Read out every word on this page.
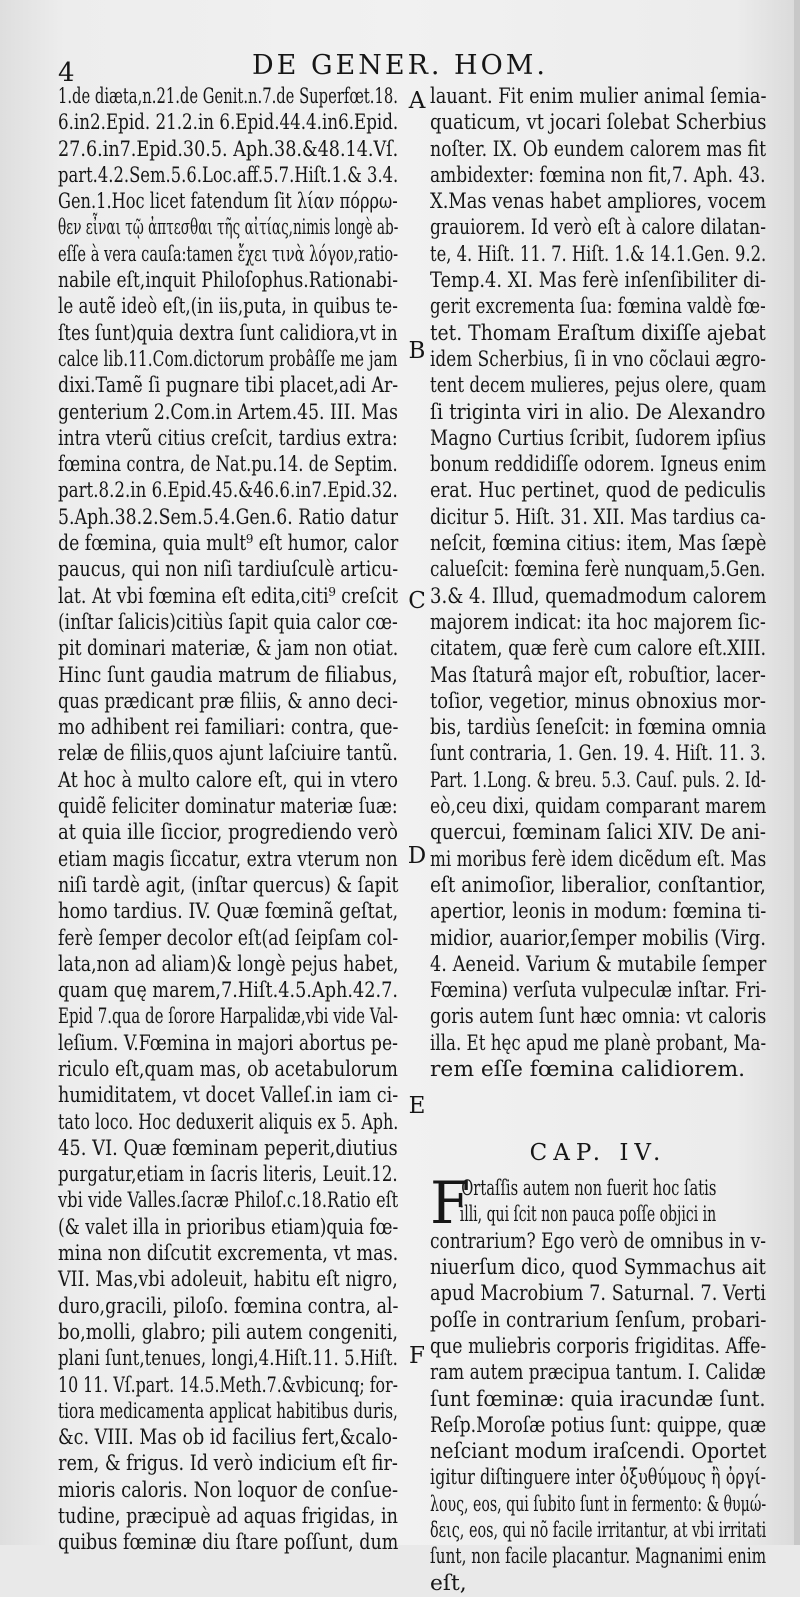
4	DE GENER. HOM.
1.de diæta,n.21.de Genit.n.7.de Superfœt.18.
6.in2.Epid. 21.2.in 6.Epid.44.4.in6.Epid.
27.6.in7.Epid.30.5. Aph.38.&48.14.Vſ.
part.4.2.Sem.5.6.Loc.aff.5.7.Hiſt.1.& 3.4.
Gen.1.Hoc licet fatendum ſit λίαν πόρρω-
θεν εἶναι τῷ ἀπτεσθαι τῆς αἰτίας,nimis longè ab-
eſſe à vera cauſa:tamen ἔχει τινὰ λόγον,ratio-
nabile eſt,inquit Philoſophus.Rationabi-
le autẽ ideò eſt,(in iis,puta, in quibus te-
ſtes ſunt)quia dextra ſunt calidiora,vt in
calce lib.11.Com.dictorum probâſſe me jam
dixi.Tamẽ ſi pugnare tibi placet,adi Ar-
genterium 2.Com.in Artem.45. III. Mas
intra vterũ citius creſcit, tardius extra:
fœmina contra, de Nat.pu.14. de Septim.
part.8.2.in 6.Epid.45.&46.6.in7.Epid.32.
5.Aph.38.2.Sem.5.4.Gen.6. Ratio datur
de fœmina, quia mult⁹ eſt humor, calor
paucus, qui non niſi tardiuſculè articu-
lat. At vbi fœmina eſt edita,citi⁹ creſcit
(inſtar ſalicis)citiùs ſapit quia calor cœ-
pit dominari materiæ, & jam non otiat.
Hinc ſunt gaudia matrum de filiabus,
quas prædicant præ filiis, & anno deci-
mo adhibent rei familiari: contra, que-
relæ de filiis,quos ajunt laſciuire tantũ.
At hoc à multo calore eſt, qui in vtero
quidẽ feliciter dominatur materiæ ſuæ:
at quia ille ſiccior, progrediendo verò
etiam magis ſiccatur, extra vterum non
niſi tardè agit, (inſtar quercus) & ſapit
homo tardius. IV. Quæ fœminã geſtat,
ferè ſemper decolor eſt(ad ſeipſam col-
lata,non ad aliam)& longè pejus habet,
quam quę marem,7.Hiſt.4.5.Aph.42.7.
Epid 7.qua de ſorore Harpalidæ,vbi vide Val-
leſium. V.Fœmina in majori abortus pe-
riculo eſt,quam mas, ob acetabulorum
humiditatem, vt docet Valleſ.in iam ci-
tato loco. Hoc deduxerit aliquis ex 5. Aph.
45. VI. Quæ fœminam peperit,diutius
purgatur,etiam in ſacris literis, Leuit.12.
vbi vide Valles.ſacræ Philoſ.c.18.Ratio eſt
(& valet illa in prioribus etiam)quia fœ-
mina non diſcutit excrementa, vt mas.
VII. Mas,vbi adoleuit, habitu eſt nigro,
duro,gracili, piloſo. fœmina contra, al-
bo,molli, glabro; pili autem congeniti,
plani ſunt,tenues, longi,4.Hiſt.11. 5.Hiſt.
10 11. Vſ.part. 14.5.Meth.7.&vbicunq; for-
tiora medicamenta applicat habitibus duris,
&c. VIII. Mas ob id facilius fert,&calo-
rem, & frigus. Id verò indicium eſt fir-
mioris caloris. Non loquor de conſue-
tudine, præcipuè ad aquas frigidas, in
quibus fœminæ diu ſtare poſſunt, dum
A
B
C
D
E
F
lauant. Fit enim mulier animal ſemia-
quaticum, vt jocari ſolebat Scherbius
noſter. IX. Ob eundem calorem mas fit
ambidexter: fœmina non fit,7. Aph. 43.
X.Mas venas habet ampliores, vocem
grauiorem. Id verò eſt à calore dilatan-
te, 4. Hiſt. 11. 7. Hiſt. 1.& 14.1.Gen. 9.2.
Temp.4. XI. Mas ferè inſenſibiliter di-
gerit excrementa ſua: fœmina valdè fœ-
tet. Thomam Eraſtum dixiſſe ajebat
idem Scherbius, ſi in vno cõclaui ægro-
tent decem mulieres, pejus olere, quam
ſi triginta viri in alio. De Alexandro
Magno Curtius ſcribit, ſudorem ipſius
bonum reddidiſſe odorem. Igneus enim
erat. Huc pertinet, quod de pediculis
dicitur 5. Hiſt. 31. XII. Mas tardius ca-
neſcit, fœmina citius: item, Mas ſæpè
calueſcit: fœmina ferè nunquam,5.Gen.
3.& 4. Illud, quemadmodum calorem
majorem indicat: ita hoc majorem ſic-
citatem, quæ ferè cum calore eſt.XIII.
Mas ſtaturâ major eſt, robuſtior, lacer-
toſior, vegetior, minus obnoxius mor-
bis, tardiùs ſeneſcit: in fœmina omnia
ſunt contraria, 1. Gen. 19. 4. Hiſt. 11. 3.
Part. 1.Long. & breu. 5.3. Cauſ. puls. 2. Id-
eò,ceu dixi, quidam comparant marem
quercui, fœminam ſalici XIV. De ani-
mi moribus ferè idem dicẽdum eſt. Mas
eſt animoſior, liberalior, conſtantior,
apertior, leonis in modum: fœmina ti-
midior, auarior,ſemper mobilis (Virg.
4. Aeneid. Varium & mutabile ſemper
Fœmina) verſuta vulpeculæ inſtar. Fri-
goris autem ſunt hæc omnia: vt caloris
illa. Et hęc apud me planè probant, Ma-
rem eſſe fœmina calidiorem.
CAP. IV.
F
Ortaſſis autem non fuerit hoc ſatis
illi, qui ſcit non pauca poſſe objici in
contrarium? Ego verò de omnibus in v-
niuerſum dico, quod Symmachus ait
apud Macrobium 7. Saturnal. 7. Verti
poſſe in contrarium ſenſum, probari-
que muliebris corporis frigiditas. Affe-
ram autem præcipua tantum. I. Calidæ
ſunt fœminæ: quia iracundæ ſunt.
Reſp.Moroſæ potius ſunt: quippe, quæ
neſciant modum iraſcendi. Oportet
igitur diſtinguere inter ὀξυθύμους ἢ ὀργί-
λους, eos, qui ſubito ſunt in fermento: & θυμώ-
δεις, eos, qui nõ facile irritantur, at vbi irritati
ſunt, non facile placantur. Magnanimi enim
eſt,
